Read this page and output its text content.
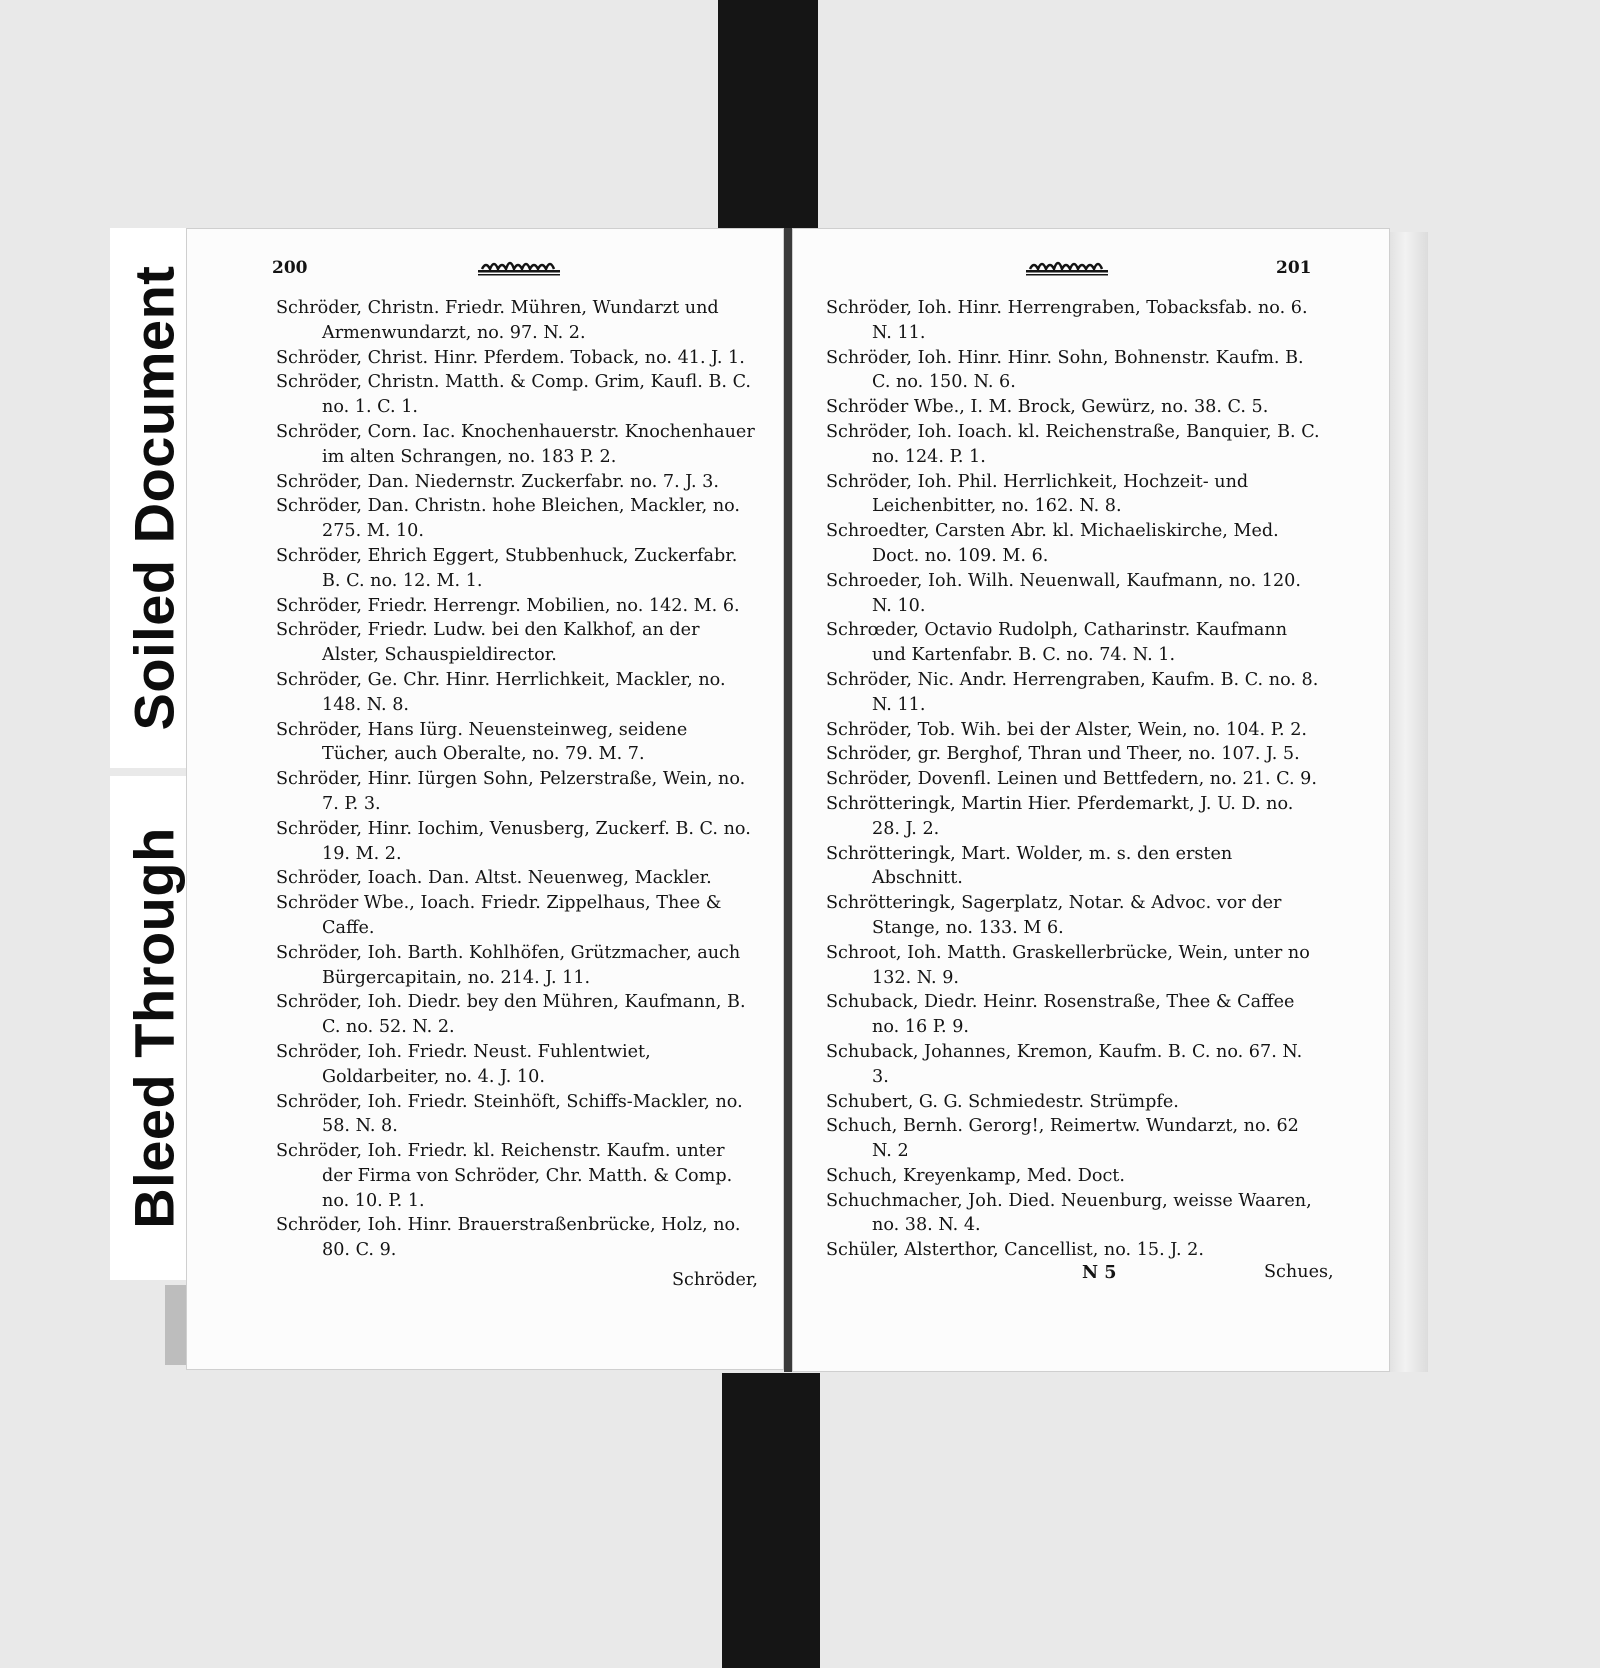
Soiled Document
Bleed Through
200

Schröder, Christn. Friedr. Mühren, Wundarzt und Armenwundarzt, no. 97. N. 2.

Schröder, Christ. Hinr. Pferdem. Toback, no. 41. J. 1.

Schröder, Christn. Matth. & Comp. Grim, Kaufl. B. C. no. 1. C. 1.

Schröder, Corn. Iac. Knochenhauerstr. Knochenhauer im alten Schrangen, no. 183 P. 2.

Schröder, Dan. Niedernstr. Zuckerfabr. no. 7. J. 3.

Schröder, Dan. Christn. hohe Bleichen, Mackler, no. 275. M. 10.

Schröder, Ehrich Eggert, Stubbenhuck, Zuckerfabr. B. C. no. 12. M. 1.

Schröder, Friedr. Herrengr. Mobilien, no. 142. M. 6.

Schröder, Friedr. Ludw. bei den Kalkhof, an der Alster, Schauspieldirector.

Schröder, Ge. Chr. Hinr. Herrlichkeit, Mackler, no. 148. N. 8.

Schröder, Hans Iürg. Neuensteinweg, seidene Tücher, auch Oberalte, no. 79. M. 7.

Schröder, Hinr. Iürgen Sohn, Pelzerstraße, Wein, no. 7. P. 3.

Schröder, Hinr. Iochim, Venusberg, Zuckerf. B. C. no. 19. M. 2.

Schröder, Ioach. Dan. Altst. Neuenweg, Mackler.

Schröder Wbe., Ioach. Friedr. Zippelhaus, Thee & Caffe.

Schröder, Ioh. Barth. Kohlhöfen, Grützmacher, auch Bürgercapitain, no. 214. J. 11.

Schröder, Ioh. Diedr. bey den Mühren, Kaufmann, B. C. no. 52. N. 2.

Schröder, Ioh. Friedr. Neust. Fuhlentwiet, Goldarbeiter, no. 4. J. 10.

Schröder, Ioh. Friedr. Steinhöft, Schiffs-Mackler, no. 58. N. 8.

Schröder, Ioh. Friedr. kl. Reichenstr. Kaufm. unter der Firma von Schröder, Chr. Matth. & Comp. no. 10. P. 1.

Schröder, Ioh. Hinr. Brauerstraßenbrücke, Holz, no. 80. C. 9.

Schröder,
201

Schröder, Ioh. Hinr. Herrengraben, Tobacksfab. no. 6. N. 11.

Schröder, Ioh. Hinr. Hinr. Sohn, Bohnenstr. Kaufm. B. C. no. 150. N. 6.

Schröder Wbe., I. M. Brock, Gewürz, no. 38. C. 5.

Schröder, Ioh. Ioach. kl. Reichenstraße, Banquier, B. C. no. 124. P. 1.

Schröder, Ioh. Phil. Herrlichkeit, Hochzeit- und Leichenbitter, no. 162. N. 8.

Schroedter, Carsten Abr. kl. Michaeliskirche, Med. Doct. no. 109. M. 6.

Schroeder, Ioh. Wilh. Neuenwall, Kaufmann, no. 120. N. 10.

Schrœder, Octavio Rudolph, Catharinstr. Kaufmann und Kartenfabr. B. C. no. 74. N. 1.

Schröder, Nic. Andr. Herrengraben, Kaufm. B. C. no. 8. N. 11.

Schröder, Tob. Wih. bei der Alster, Wein, no. 104. P. 2.

Schröder, gr. Berghof, Thran und Theer, no. 107. J. 5.

Schröder, Dovenfl. Leinen und Bettfedern, no. 21. C. 9.

Schrötteringk, Martin Hier. Pferdemarkt, J. U. D. no. 28. J. 2.

Schrötteringk, Mart. Wolder, m. s. den ersten Abschnitt.

Schrötteringk, Sagerplatz, Notar. & Advoc. vor der Stange, no. 133. M 6.

Schroot, Ioh. Matth. Graskellerbrücke, Wein, unter no 132. N. 9.

Schuback, Diedr. Heinr. Rosenstraße, Thee & Caffee no. 16 P. 9.

Schuback, Johannes, Kremon, Kaufm. B. C. no. 67. N. 3.

Schubert, G. G. Schmiedestr. Strümpfe.

Schuch, Bernh. Gerorg!, Reimertw. Wundarzt, no. 62 N. 2

Schuch, Kreyenkamp, Med. Doct.

Schuchmacher, Joh. Died. Neuenburg, weisse Waaren, no. 38. N. 4.

Schüler, Alsterthor, Cancellist, no. 15. J. 2.

N 5	Schues,
